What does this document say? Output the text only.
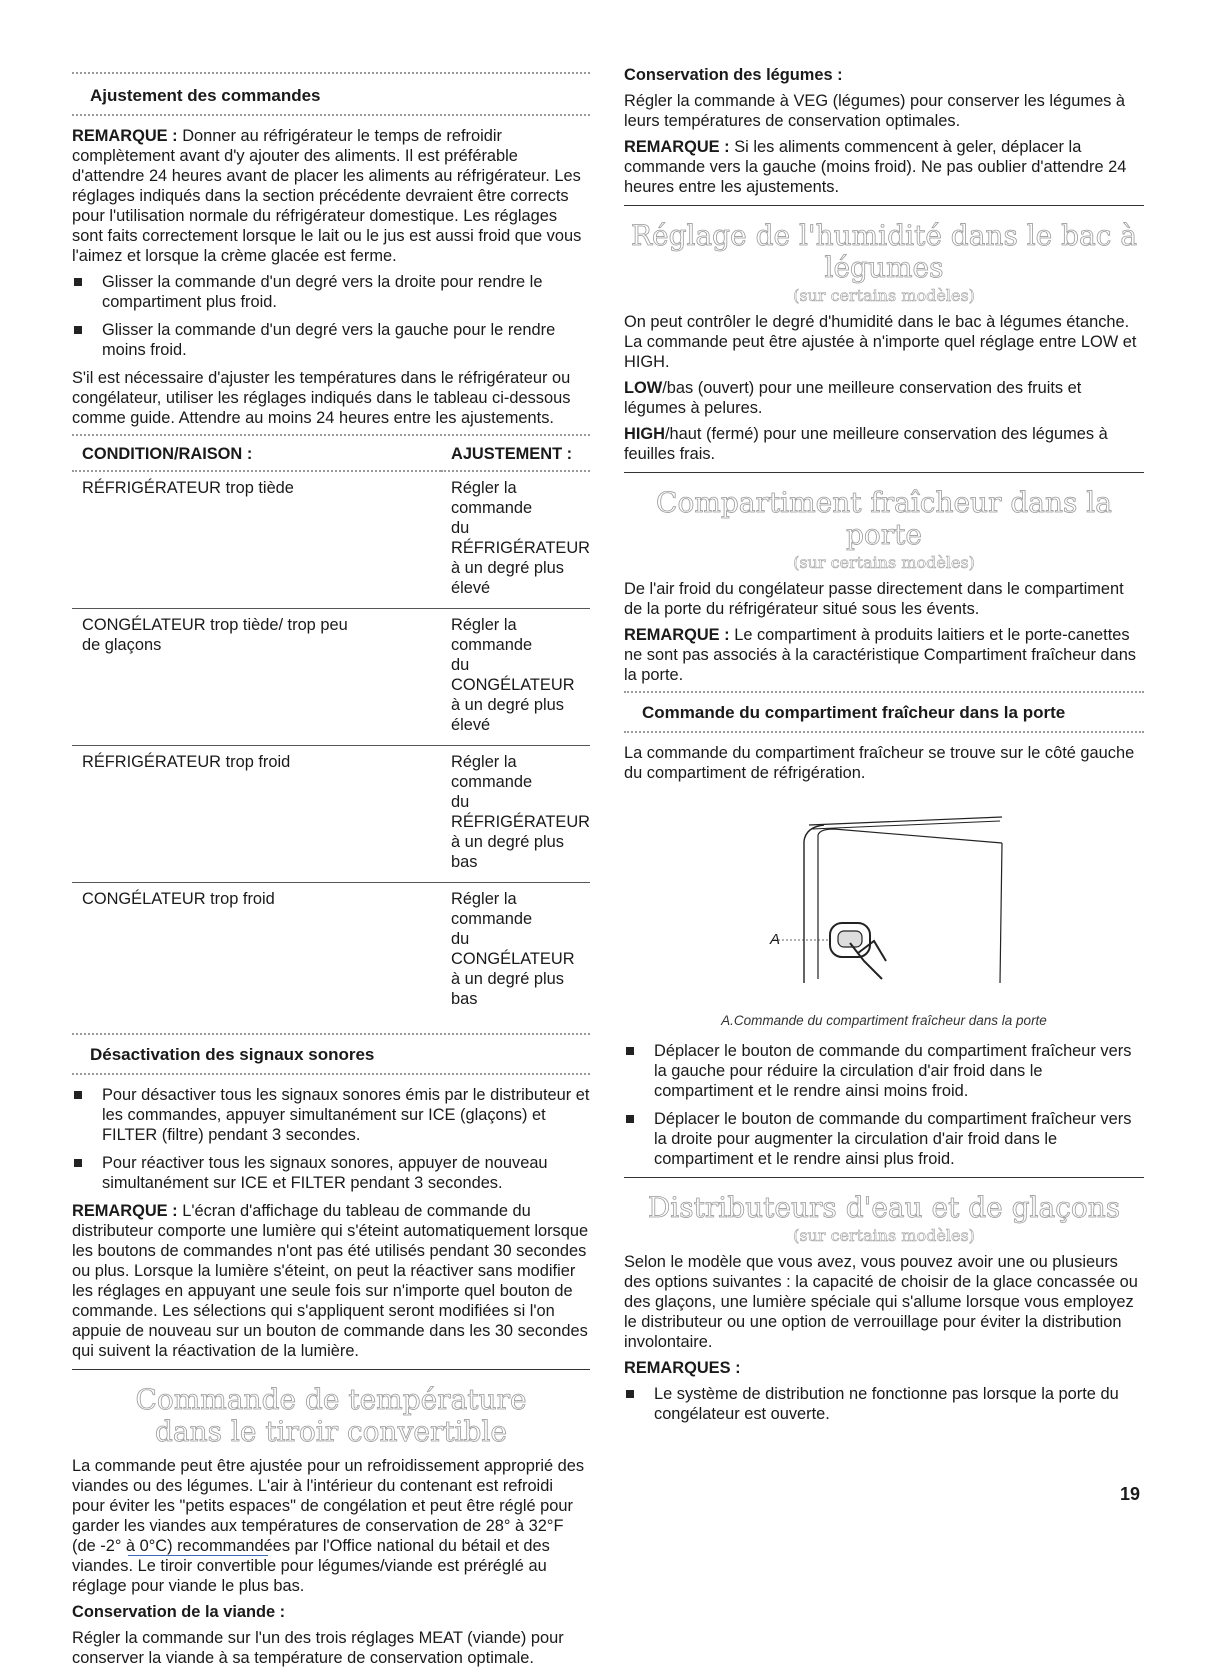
Ajustement des commandes

REMARQUE : Donner au réfrigérateur le temps de refroidir complètement avant d'y ajouter des aliments. Il est préférable d'attendre 24 heures avant de placer les aliments au réfrigérateur. Les réglages indiqués dans la section précédente devraient être corrects pour l'utilisation normale du réfrigérateur domestique. Les réglages sont faits correctement lorsque le lait ou le jus est aussi froid que vous l'aimez et lorsque la crème glacée est ferme.

Glisser la commande d'un degré vers la droite pour rendre le compartiment plus froid.
Glisser la commande d'un degré vers la gauche pour le rendre moins froid.

S'il est nécessaire d'ajuster les températures dans le réfrigérateur ou congélateur, utiliser les réglages indiqués dans le tableau ci-dessous comme guide. Attendre au moins 24 heures entre les ajustements.

CONDITION/RAISON :	AJUSTEMENT :
RÉFRIGÉRATEUR trop tiède	Régler la commande
du RÉFRIGÉRATEUR
à un degré plus élevé

CONGÉLATEUR trop tiède/ trop peu de glaçons	Régler la commande
du CONGÉLATEUR
à un degré plus élevé

RÉFRIGÉRATEUR trop froid	Régler la commande
du RÉFRIGÉRATEUR
à un degré plus bas

CONGÉLATEUR trop froid	Régler la commande
du CONGÉLATEUR
à un degré plus bas
Désactivation des signaux sonores
Pour désactiver tous les signaux sonores émis par le distributeur et les commandes, appuyer simultanément sur ICE (glaçons) et FILTER (filtre) pendant 3 secondes.
Pour réactiver tous les signaux sonores, appuyer de nouveau simultanément sur ICE et FILTER pendant 3 secondes.

REMARQUE : L'écran d'affichage du tableau de commande du distributeur comporte une lumière qui s'éteint automatiquement lorsque les boutons de commandes n'ont pas été utilisés pendant 30 secondes ou plus. Lorsque la lumière s'éteint, on peut la réactiver sans modifier les réglages en appuyant une seule fois sur n'importe quel bouton de commande. Les sélections qui s'appliquent seront modifiées si l'on appuie de nouveau sur un bouton de commande dans les 30 secondes qui suivent la réactivation de la lumière.

Commande de température dans le tiroir convertible

La commande peut être ajustée pour un refroidissement approprié des viandes ou des légumes. L'air à l'intérieur du contenant est refroidi pour éviter les "petits espaces" de congélation et peut être réglé pour garder les viandes aux températures de conservation de 28° à 32°F (de -2° à 0°C) recommandées par l'Office national du bétail et des viandes. Le tiroir convertible pour légumes/viande est préréglé au réglage pour viande le plus bas.

Conservation de la viande :

Régler la commande sur l'un des trois réglages MEAT (viande) pour conserver la viande à sa température de conservation optimale.

Conservation des légumes :

Régler la commande à VEG (légumes) pour conserver les légumes à leurs températures de conservation optimales.

REMARQUE : Si les aliments commencent à geler, déplacer la commande vers la gauche (moins froid). Ne pas oublier d'attendre 24 heures entre les ajustements.

Réglage de l'humidité dans le bac à légumes
(sur certains modèles)

On peut contrôler le degré d'humidité dans le bac à légumes étanche. La commande peut être ajustée à n'importe quel réglage entre LOW et HIGH.

LOW/bas (ouvert) pour une meilleure conservation des fruits et légumes à pelures.

HIGH/haut (fermé) pour une meilleure conservation des légumes à feuilles frais.

Compartiment fraîcheur dans la porte
(sur certains modèles)

De l'air froid du congélateur passe directement dans le compartiment de la porte du réfrigérateur situé sous les évents.

REMARQUE : Le compartiment à produits laitiers et le porte-canettes ne sont pas associés à la caractéristique Compartiment fraîcheur dans la porte.

Commande du compartiment fraîcheur dans la porte

La commande du compartiment fraîcheur se trouve sur le côté gauche du compartiment de réfrigération.

A
A.Commande du compartiment fraîcheur dans la porte
Déplacer le bouton de commande du compartiment fraîcheur vers la gauche pour réduire la circulation d'air froid dans le compartiment et le rendre ainsi moins froid.
Déplacer le bouton de commande du compartiment fraîcheur vers la droite pour augmenter la circulation d'air froid dans le compartiment et le rendre ainsi plus froid.
Distributeurs d'eau et de glaçons
(sur certains modèles)

Selon le modèle que vous avez, vous pouvez avoir une ou plusieurs des options suivantes : la capacité de choisir de la glace concassée ou des glaçons, une lumière spéciale qui s'allume lorsque vous employez le distributeur ou une option de verrouillage pour éviter la distribution involontaire.

REMARQUES :

Le système de distribution ne fonctionne pas lorsque la porte du congélateur est ouverte.
19
